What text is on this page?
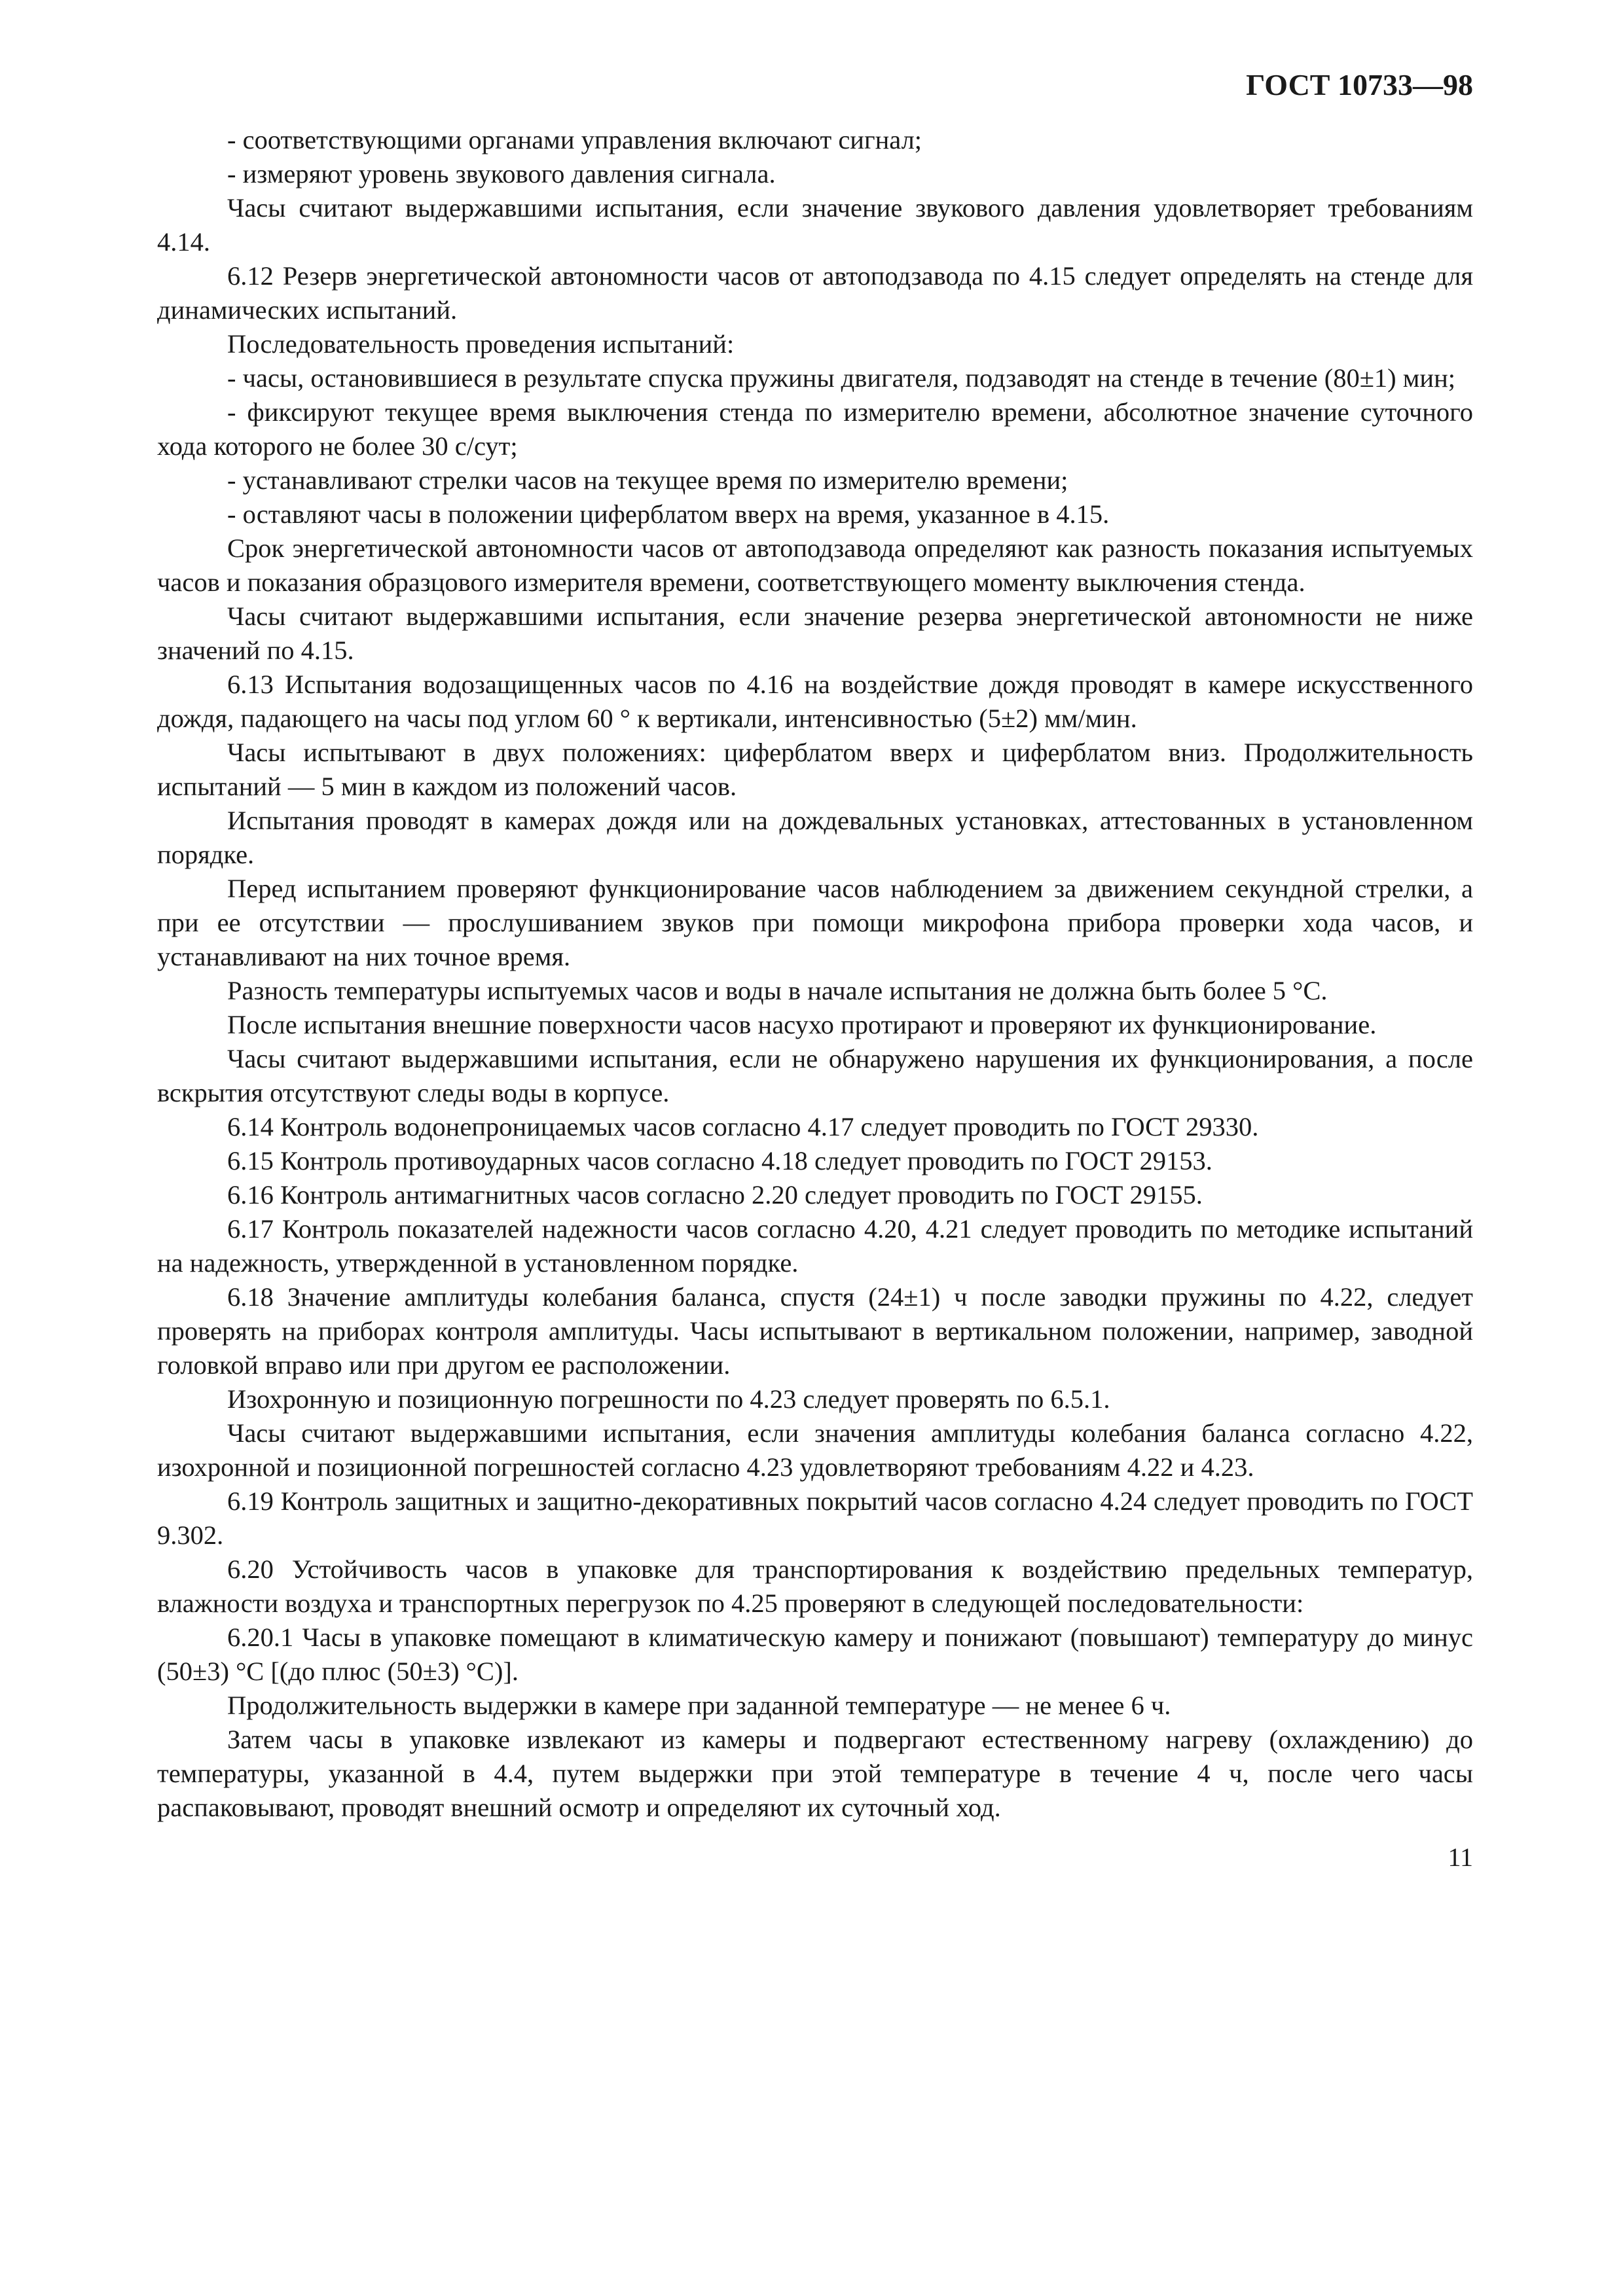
ГОСТ 10733—98

- соответствующими органами управления включают сигнал;

- измеряют уровень звукового давления сигнала.

Часы считают выдержавшими испытания, если значение звукового давления удовлетворяет требованиям 4.14.

6.12 Резерв энергетической автономности часов от автоподзавода по 4.15 следует определять на стенде для динамических испытаний.

Последовательность проведения испытаний:

- часы, остановившиеся в результате спуска пружины двигателя, подзаводят на стенде в течение (80±1) мин;

- фиксируют текущее время выключения стенда по измерителю времени, абсолютное значение суточного хода которого не более 30 с/сут;

- устанавливают стрелки часов на текущее время по измерителю времени;

- оставляют часы в положении циферблатом вверх на время, указанное в 4.15.

Срок энергетической автономности часов от автоподзавода определяют как разность показания испытуемых часов и показания образцового измерителя времени, соответствующего моменту выключения стенда.

Часы считают выдержавшими испытания, если значение резерва энергетической автономности не ниже значений по 4.15.

6.13 Испытания водозащищенных часов по 4.16 на воздействие дождя проводят в камере искусственного дождя, падающего на часы под углом 60 ° к вертикали, интенсивностью (5±2) мм/мин.

Часы испытывают в двух положениях: циферблатом вверх и циферблатом вниз. Продолжительность испытаний — 5 мин в каждом из положений часов.

Испытания проводят в камерах дождя или на дождевальных установках, аттестованных в установленном порядке.

Перед испытанием проверяют функционирование часов наблюдением за движением секундной стрелки, а при ее отсутствии — прослушиванием звуков при помощи микрофона прибора проверки хода часов, и устанавливают на них точное время.

Разность температуры испытуемых часов и воды в начале испытания не должна быть более 5 °С.

После испытания внешние поверхности часов насухо протирают и проверяют их функционирование.

Часы считают выдержавшими испытания, если не обнаружено нарушения их функционирования, а после вскрытия отсутствуют следы воды в корпусе.

6.14 Контроль водонепроницаемых часов согласно 4.17 следует проводить по ГОСТ 29330.

6.15 Контроль противоударных часов согласно 4.18 следует проводить по ГОСТ 29153.

6.16 Контроль антимагнитных часов согласно 2.20 следует проводить по ГОСТ 29155.

6.17 Контроль показателей надежности часов согласно 4.20, 4.21 следует проводить по методике испытаний на надежность, утвержденной в установленном порядке.

6.18 Значение амплитуды колебания баланса, спустя (24±1) ч после заводки пружины по 4.22, следует проверять на приборах контроля амплитуды. Часы испытывают в вертикальном положении, например, заводной головкой вправо или при другом ее расположении.

Изохронную и позиционную погрешности по 4.23 следует проверять по 6.5.1.

Часы считают выдержавшими испытания, если значения амплитуды колебания баланса согласно 4.22, изохронной и позиционной погрешностей согласно 4.23 удовлетворяют требованиям 4.22 и 4.23.

6.19 Контроль защитных и защитно-декоративных покрытий часов согласно 4.24 следует проводить по ГОСТ 9.302.

6.20 Устойчивость часов в упаковке для транспортирования к воздействию предельных температур, влажности воздуха и транспортных перегрузок по 4.25 проверяют в следующей последовательности:

6.20.1 Часы в упаковке помещают в климатическую камеру и понижают (повышают) температуру до минус (50±3) °С [(до плюс (50±3) °С)].

Продолжительность выдержки в камере при заданной температуре — не менее 6 ч.

Затем часы в упаковке извлекают из камеры и подвергают естественному нагреву (охлаждению) до температуры, указанной в 4.4, путем выдержки при этой температуре в течение 4 ч, после чего часы распаковывают, проводят внешний осмотр и определяют их суточный ход.

11
